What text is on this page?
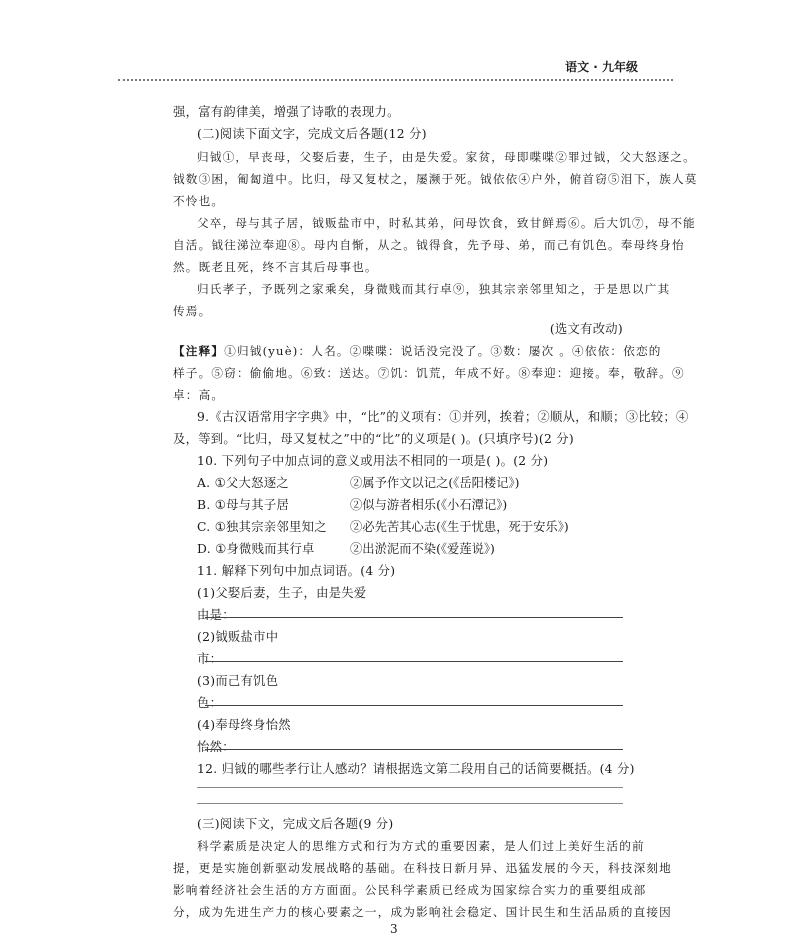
语文 · 九年级
强，富有韵律美，增强了诗歌的表现力。
(二)阅读下面文字，完成文后各题(12 分)
归钺①，早丧母，父娶后妻，生子，由是失爱。家贫，母即喋喋②罪过钺，父大怒逐之。
钺数③困，匍匐道中。比归，母又复杖之，屡濒于死。钺依依④户外，俯首窃⑤泪下，族人莫
不怜也。
父卒，母与其子居，钺贩盐市中，时私其弟，问母饮食，致甘鲜焉⑥。后大饥⑦，母不能
自活。钺往涕泣奉迎⑧。母内自惭，从之。钺得食，先予母、弟，而己有饥色。奉母终身怡
然。既老且死，终不言其后母事也。
归氏孝子，予既列之家乘矣，身微贱而其行卓⑨，独其宗亲邻里知之，于是思以广其
传焉。
(选文有改动)
【注释】①归钺(yuè)：人名。②喋喋：说话没完没了。③数：屡次 。④依依：依恋的
样子。⑤窃：偷偷地。⑥致：送达。⑦饥：饥荒，年成不好。⑧奉迎：迎接。奉，敬辞。⑨
卓：高。
9.《古汉语常用字字典》中，“比”的义项有：①并列，挨着；②顺从，和顺；③比较；④
及，等到。“比归，母又复杖之”中的“比”的义项是( )。(只填序号)(2 分)
10. 下列句子中加点词的意义或用法不相同的一项是( )。(2 分)
A. ①父大怒逐之	②属予作文以记之(《岳阳楼记》)
B. ①母与其子居	②似与游者相乐(《小石潭记》)
C. ①独其宗亲邻里知之	②必先苦其心志(《生于忧患，死于安乐》)
D. ①身微贱而其行卓	②出淤泥而不染(《爱莲说》)
11. 解释下列句中加点词语。(4 分)
(1)父娶后妻，生子，由是失爱
由是：
(2)钺贩盐市中
市：
(3)而己有饥色
色：
(4)奉母终身怡然
怡然：
12. 归钺的哪些孝行让人感动？请根据选文第二段用自己的话简要概括。(4 分)
(三)阅读下文，完成文后各题(9 分)
科学素质是决定人的思维方式和行为方式的重要因素，是人们过上美好生活的前
提，更是实施创新驱动发展战略的基础。在科技日新月异、迅猛发展的今天，科技深刻地
影响着经济社会生活的方方面面。公民科学素质已经成为国家综合实力的重要组成部
分，成为先进生产力的核心要素之一，成为影响社会稳定、国计民生和生活品质的直接因
3
